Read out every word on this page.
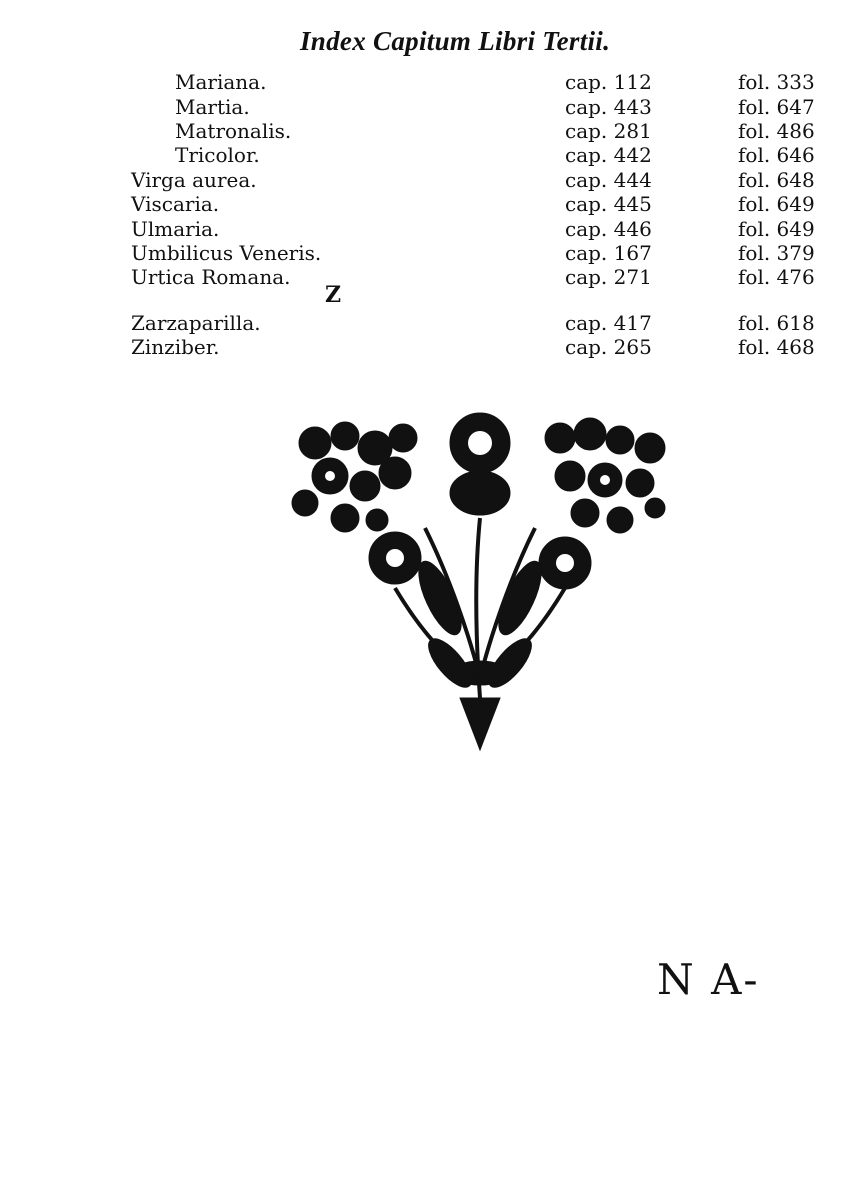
Index Capitum Libri Tertii.
Mariana.	cap. 112	fol. 333
Martia.	cap. 443	fol. 647
Matronalis.	cap. 281	fol. 486
Tricolor.	cap. 442	fol. 646
Virga aurea.	cap. 444	fol. 648
Viscaria.	cap. 445	fol. 649
Ulmaria.	cap. 446	fol. 649
Umbilicus Veneris.	cap. 167	fol. 379
Urtica Romana.	cap. 271	fol. 476
Zarzaparilla.	cap. 417	fol. 618
Zinziber.	cap. 265	fol. 468
Z
N A-
